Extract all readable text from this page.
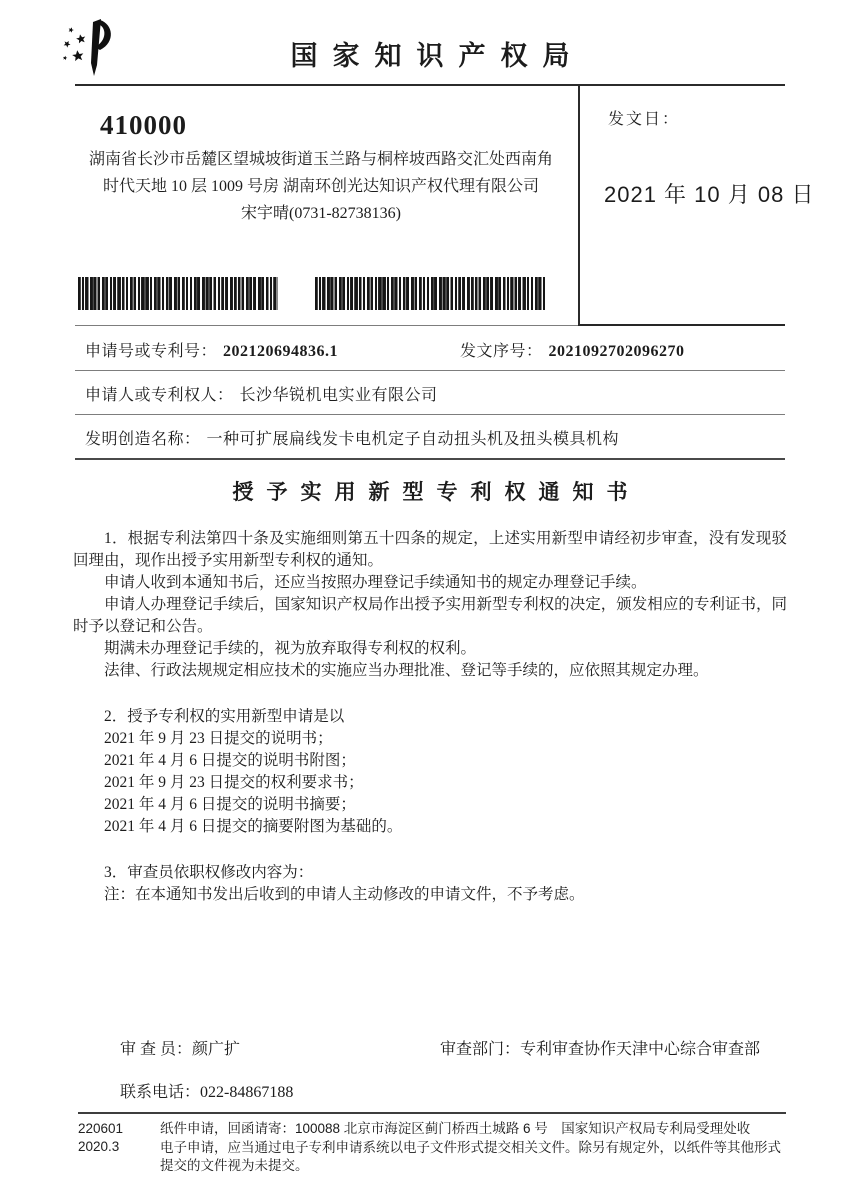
国家知识产权局
410000
湖南省长沙市岳麓区望城坡街道玉兰路与桐梓坡西路交汇处西南角
时代天地 10 层 1009 号房 湖南环创光达知识产权代理有限公司
宋宇晴(0731-82738136)
发文日：
2021 年 10 月 08 日
申请号或专利号： 202120694836.1	发文序号： 2021092702096270
申请人或专利权人： 长沙华锐机电实业有限公司
发明创造名称： 一种可扩展扁线发卡电机定子自动扭头机及扭头模具机构
授予实用新型专利权通知书

1．根据专利法第四十条及实施细则第五十四条的规定，上述实用新型申请经初步审查，没有发现驳回理由，现作出授予实用新型专利权的通知。

申请人收到本通知书后，还应当按照办理登记手续通知书的规定办理登记手续。

申请人办理登记手续后，国家知识产权局作出授予实用新型专利权的决定，颁发相应的专利证书，同时予以登记和公告。

期满未办理登记手续的，视为放弃取得专利权的权利。

法律、行政法规规定相应技术的实施应当办理批准、登记等手续的，应依照其规定办理。

2．授予专利权的实用新型申请是以

2021 年 9 月 23 日提交的说明书；

2021 年 4 月 6 日提交的说明书附图；

2021 年 9 月 23 日提交的权利要求书；

2021 年 4 月 6 日提交的说明书摘要；

2021 年 4 月 6 日提交的摘要附图为基础的。

3．审查员依职权修改内容为：

注：在本通知书发出后收到的申请人主动修改的申请文件，不予考虑。

审 查 员：颜广扩	审查部门：专利审查协作天津中心综合审查部
联系电话：022-84867188
220601
2020.3

纸件申请，回函请寄：100088 北京市海淀区蓟门桥西土城路 6 号　国家知识产权局专利局受理处收

电子申请，应当通过电子专利申请系统以电子文件形式提交相关文件。除另有规定外，以纸件等其他形式提交的文件视为未提交。
